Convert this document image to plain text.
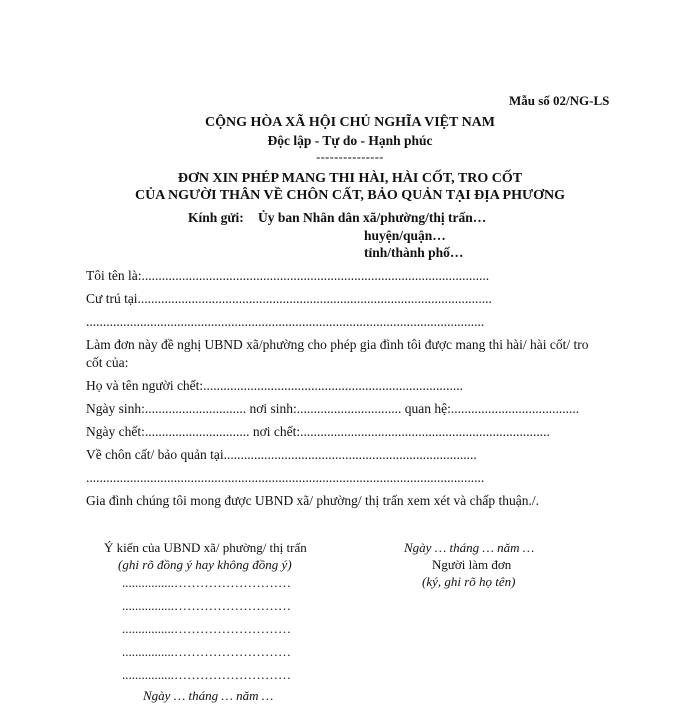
Mẫu số 02/NG-LS
CỘNG HÒA XÃ HỘI CHỦ NGHĨA VIỆT NAM
Độc lập - Tự do - Hạnh phúc
---------------
ĐƠN XIN PHÉP MANG THI HÀI, HÀI CỐT, TRO CỐT
CỦA NGƯỜI THÂN VỀ CHÔN CẤT, BẢO QUẢN TẠI ĐỊA PHƯƠNG
Kính gửi: Ủy ban Nhân dân xã/phường/thị trấn…
huyện/quận…
tỉnh/thành phố…
Tôi tên là:.......................................................................................................
Cư trú tại.........................................................................................................
......................................................................................................................
Làm đơn này đề nghị UBND xã/phường cho phép gia đình tôi được mang thi hài/ hài cốt/ tro
cốt của:
Họ và tên người chết:.............................................................................
Ngày sinh:.............................. nơi sinh:............................... quan hệ:......................................
Ngày chết:............................... nơi chết:..........................................................................
Về chôn cất/ bảo quản tại...........................................................................
......................................................................................................................
Gia đình chúng tôi mong được UBND xã/ phường/ thị trấn xem xét và chấp thuận./.
Ý kiến của UBND xã/ phường/ thị trấn
(ghi rõ đồng ý hay không đồng ý)
................………………………
................………………………
................………………………
................………………………
................………………………
Ngày … tháng … năm …
Ngày … tháng … năm …
Người làm đơn
(ký, ghi rõ họ tên)
